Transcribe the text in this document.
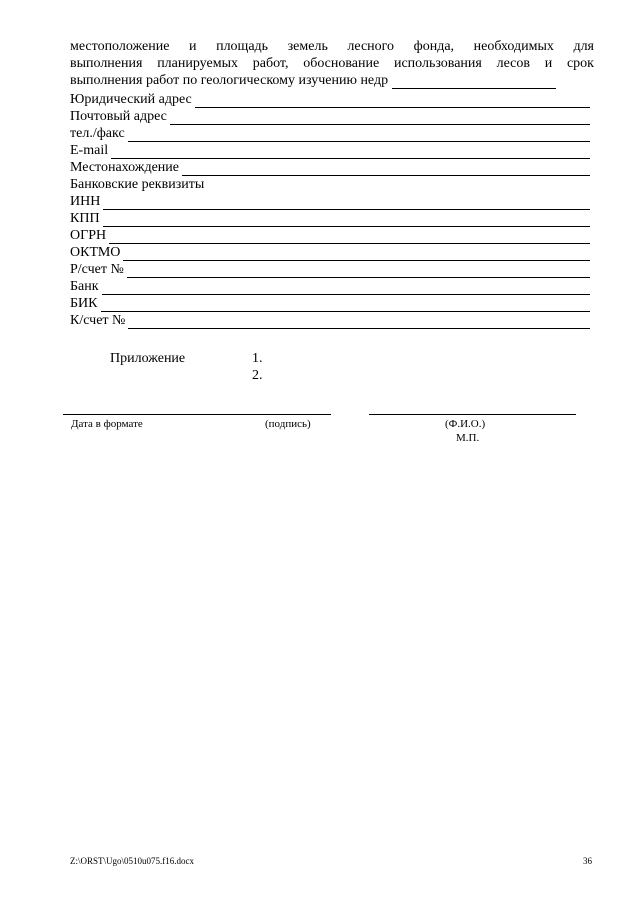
местоположение и площадь земель лесного фонда, необходимых для
выполнения планируемых работ, обоснование использования лесов и срок
выполнения работ по геологическому изучению недр
Юридический адрес
Почтовый адрес
тел./факс
E-mail
Местонахождение
Банковские реквизиты
ИНН
КПП
ОГРН
ОКТМО
Р/счет №
Банк
БИК
К/счет №
Приложение	1.
2.
Дата в формате	(подпись)	(Ф.И.О.)
М.П.
Z:\ORST\Ugo\0510u075.f16.docx	36
